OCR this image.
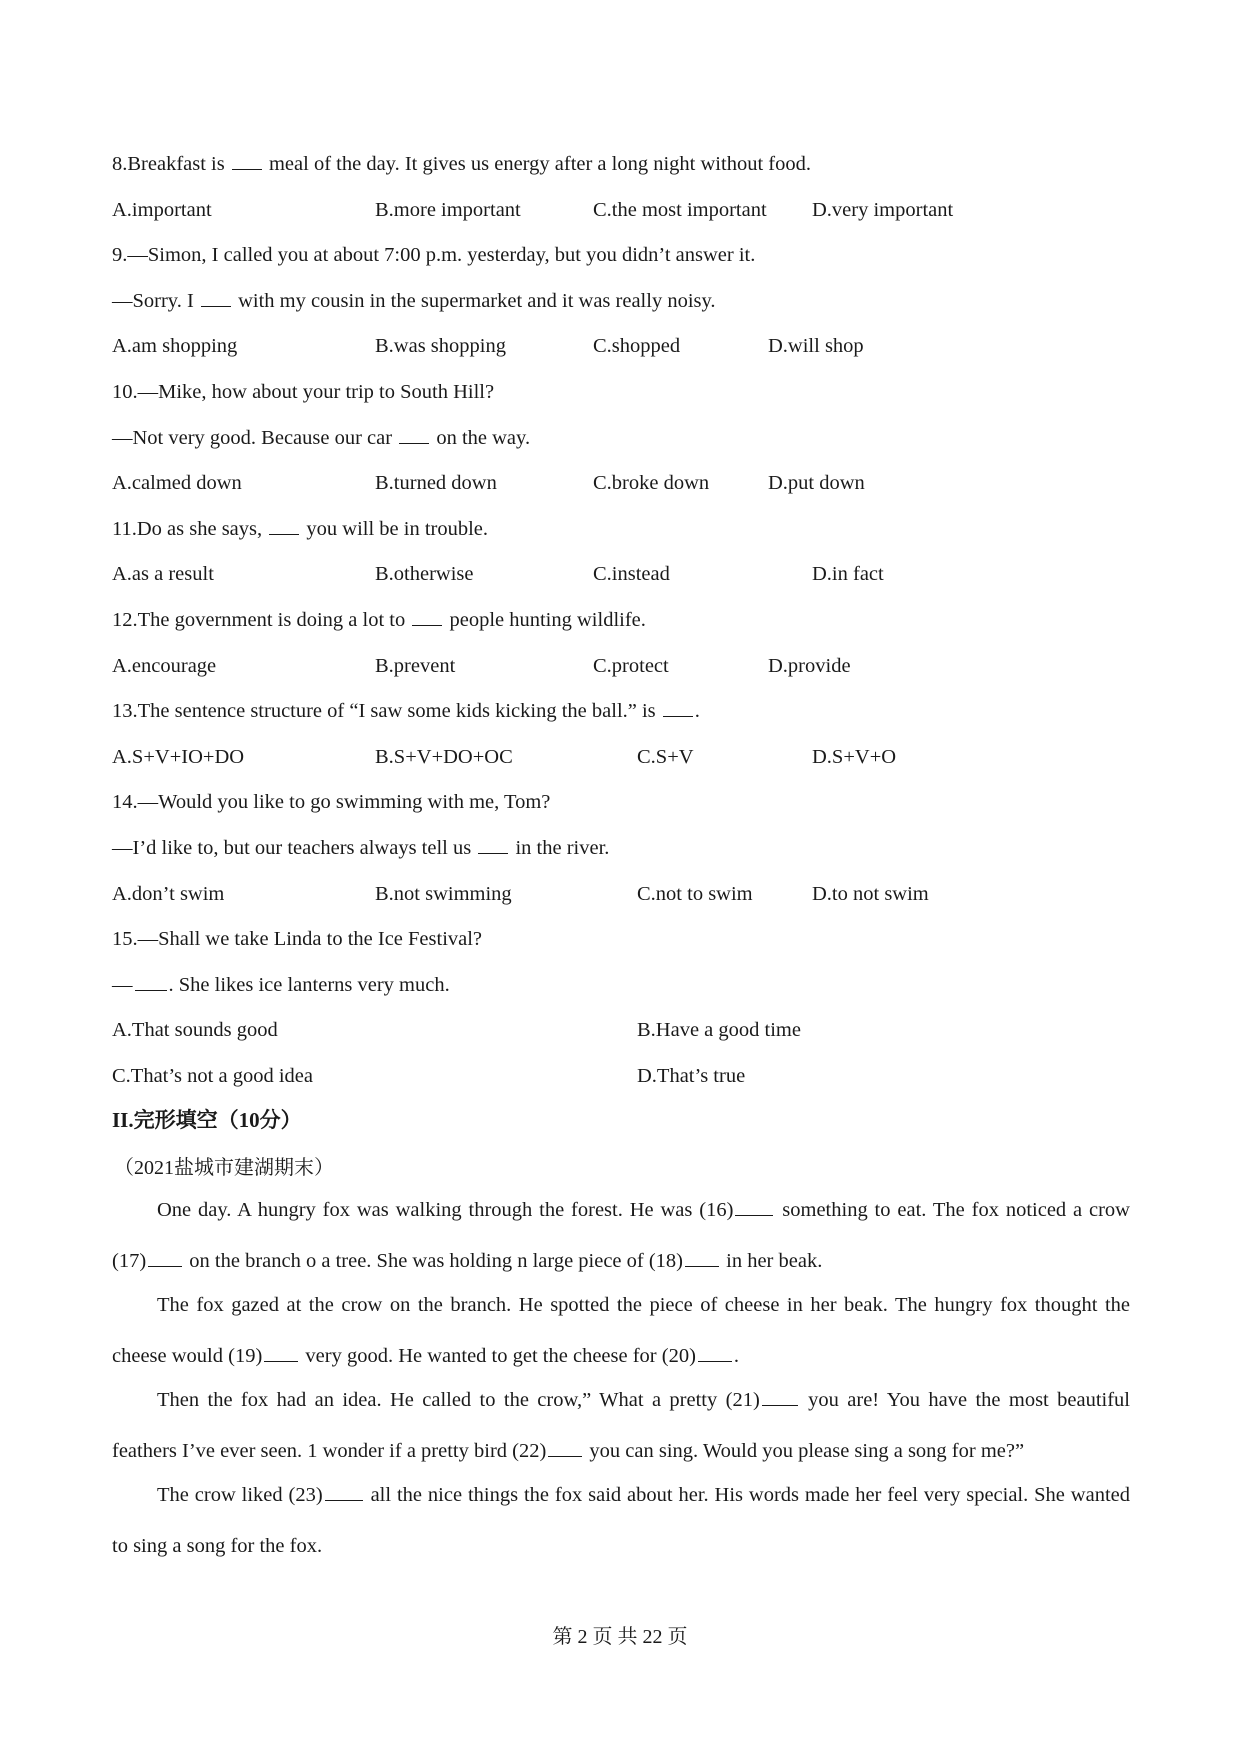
8.Breakfast is  meal of the day. It gives us energy after a long night without food.
A.important	B.more important	C.the most important D.very important
9.—Simon, I called you at about 7:00 p.m. yesterday, but you didn’t answer it.
—Sorry. I  with my cousin in the supermarket and it was really noisy.
A.am shopping	B.was shopping	C.shopped	D.will shop
10.—Mike, how about your trip to South Hill?
—Not very good. Because our car  on the way.
A.calmed down	B.turned down	C.broke down	D.put down
11.Do as she says,  you will be in trouble.
A.as a result	B.otherwise	C.instead	D.in fact
12.The government is doing a lot to  people hunting wildlife.
A.encourage	B.prevent	C.protect	D.provide
13.The sentence structure of “I saw some kids kicking the ball.” is .
A.S+V+IO+DO	B.S+V+DO+OC	C.S+V	D.S+V+O
14.—Would you like to go swimming with me, Tom?
—I’d like to, but our teachers always tell us  in the river.
A.don’t swim	B.not swimming	C.not to swim	D.to not swim
15.—Shall we take Linda to the Ice Festival?
— . She likes ice lanterns very much.
A.That sounds good	B.Have a good time
C.That’s not a good idea	D.That’s true
II.完形填空（10分）
（2021盐城市建湖期末）
One day. A hungry fox was walking through the forest. He was (16) something to eat. The fox noticed a crow (17) on the branch o a tree. She was holding n large piece of (18) in her beak.
The fox gazed at the crow on the branch. He spotted the piece of cheese in her beak. The hungry fox thought the cheese would (19) very good. He wanted to get the cheese for (20) .
Then the fox had an idea. He called to the crow,” What a pretty (21) you are! You have the most beautiful feathers I’ve ever seen. 1 wonder if a pretty bird (22) you can sing. Would you please sing a song for me?”
The crow liked (23) all the nice things the fox said about her. His words made her feel very special. She wanted to sing a song for the fox.
第 2 页 共 22 页
